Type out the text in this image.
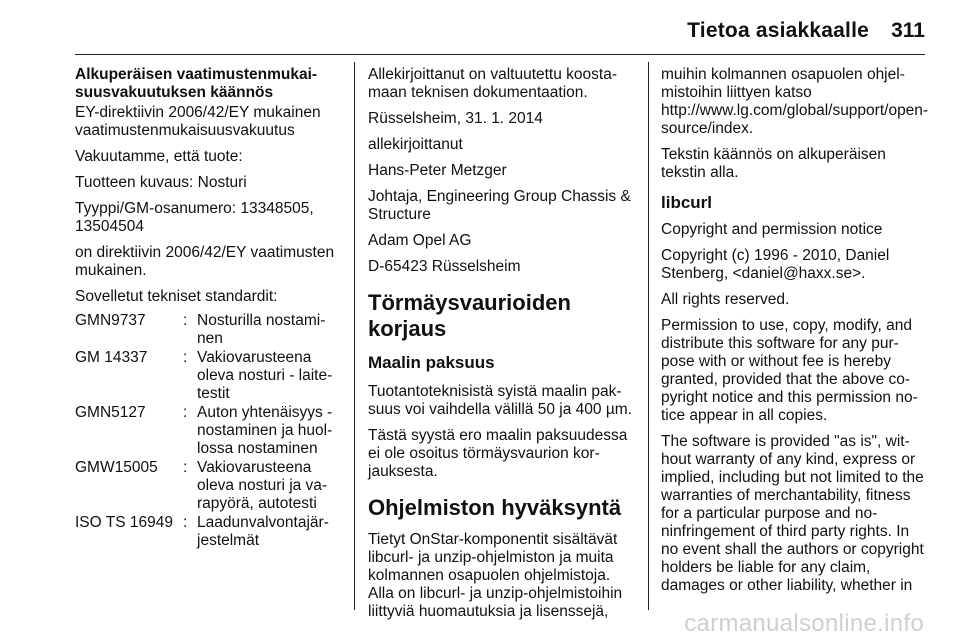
Tietoa asiakkaalle 311

Alkuperäisen vaatimustenmukaisuusvakuutuksen käännös

EY-direktiivin 2006/42/EY mukainen vaatimustenmukaisuusvakuutus

Vakuutamme, että tuote:

Tuotteen kuvaus: Nosturi

Tyyppi/GM-osanumero: 13348505, 13504504

on direktiivin 2006/42/EY vaatimusten mukainen.

Sovelletut tekniset standardit:

GMN9737	:	Nosturilla nostaminen
GM 14337	:	Vakiovarusteena oleva nosturi - laitetestit
GMN5127	:	Auton yhtenäisyys - nostaminen ja huollossa nostaminen
GMW15005	:	Vakiovarusteena oleva nosturi ja varapyörä, autotesti
ISO TS 16949	:	Laadunvalvontajärjestelmät

Allekirjoittanut on valtuutettu koostamaan teknisen dokumentaation.

Rüsselsheim, 31. 1. 2014

allekirjoittanut

Hans-Peter Metzger

Johtaja, Engineering Group Chassis & Structure

Adam Opel AG

D-65423 Rüsselsheim

Törmäysvaurioiden korjaus
Maalin paksuus

Tuotantoteknisistä syistä maalin paksuus voi vaihdella välillä 50 ja 400 µm.

Tästä syystä ero maalin paksuudessa ei ole osoitus törmäysvaurion korjauksesta.

Ohjelmiston hyväksyntä

Tietyt OnStar-komponentit sisältävät libcurl- ja unzip-ohjelmiston ja muita kolmannen osapuolen ohjelmistoja. Alla on libcurl- ja unzip-ohjelmistoihin liittyviä huomautuksia ja lisenssejä,

muihin kolmannen osapuolen ohjelmistoihin liittyen katso http://www.lg.com/global/support/open-source/index.

Tekstin käännös on alkuperäisen tekstin alla.

libcurl

Copyright and permission notice

Copyright (c) 1996 - 2010, Daniel Stenberg, <daniel@haxx.se>.

All rights reserved.

Permission to use, copy, modify, and distribute this software for any purpose with or without fee is hereby granted, provided that the above copyright notice and this permission notice appear in all copies.

The software is provided "as is", without warranty of any kind, express or implied, including but not limited to the warranties of merchantability, fitness for a particular purpose and noninfringement of third party rights. In no event shall the authors or copyright holders be liable for any claim, damages or other liability, whether in

carmanualsonline.info
